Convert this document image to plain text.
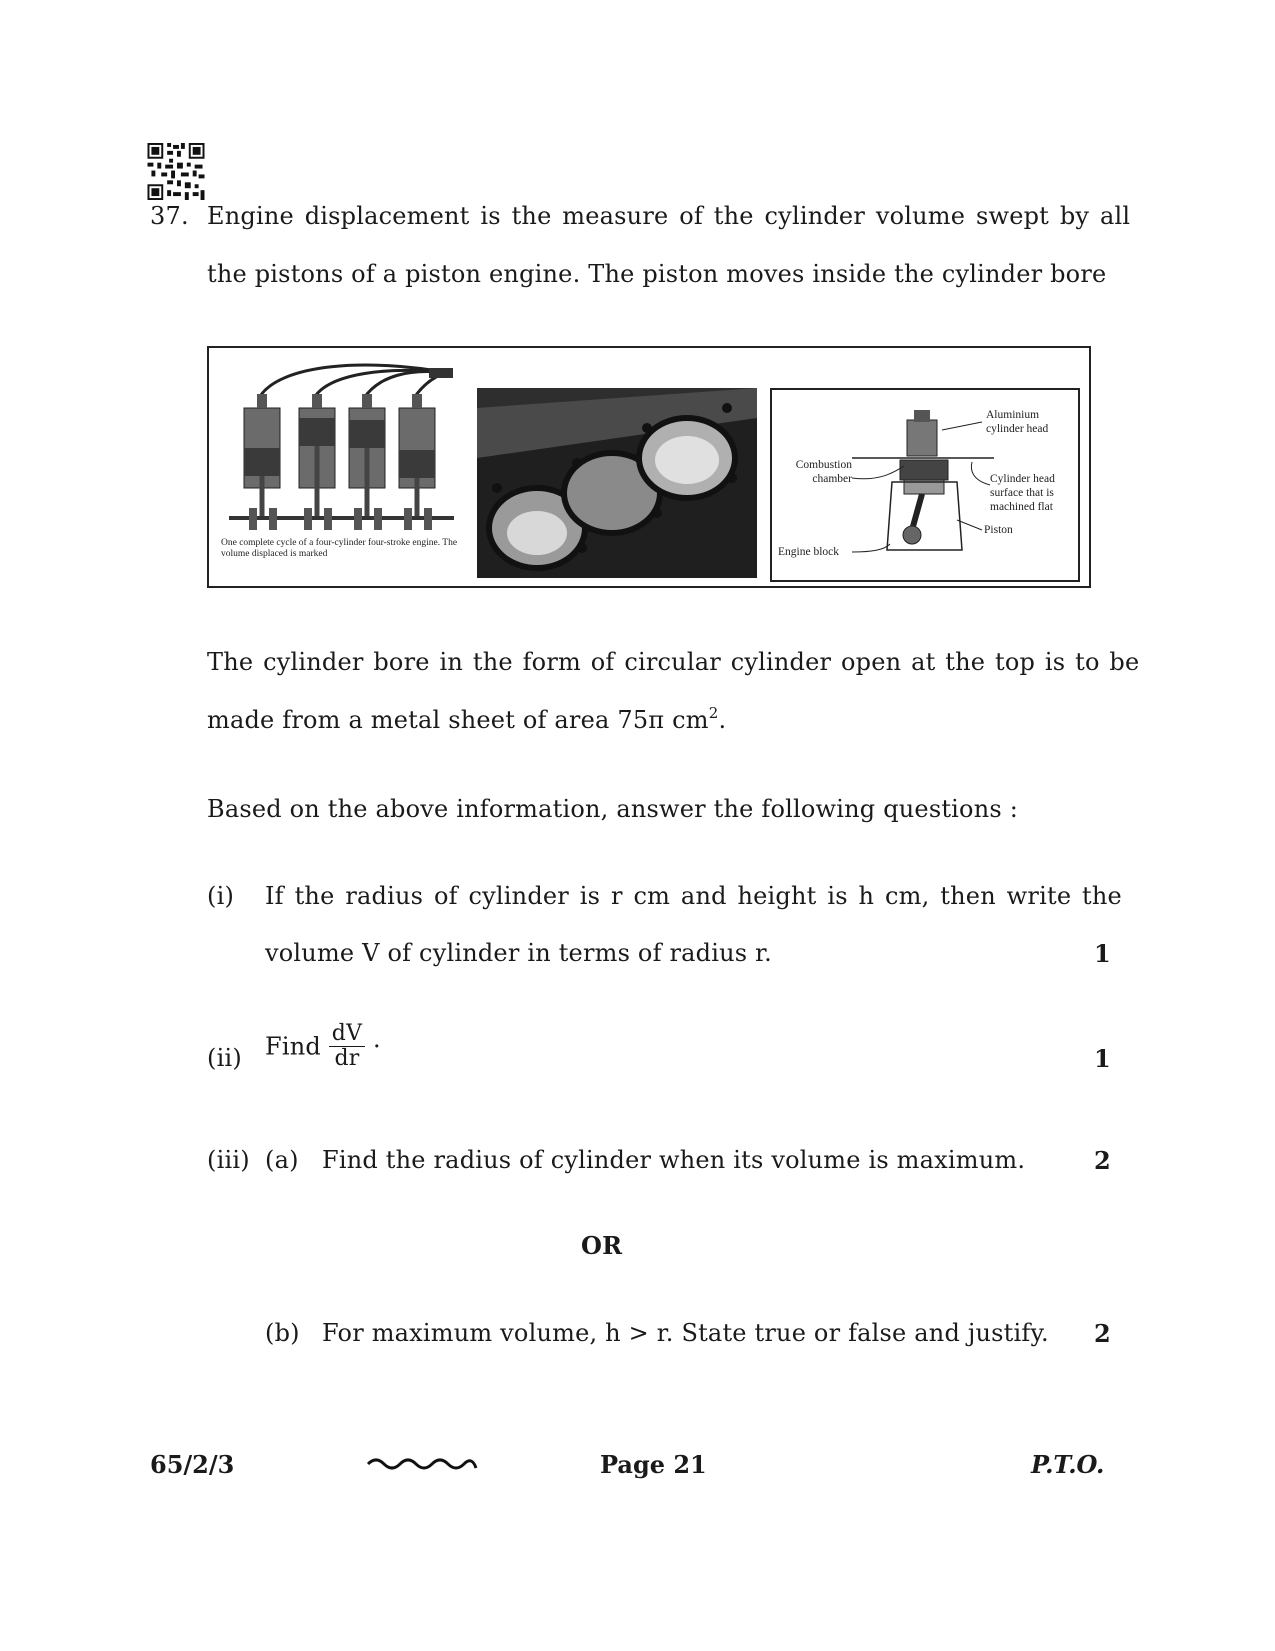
37. Engine displacement is the measure of the cylinder volume swept by all
the pistons of a piston engine. The piston moves inside the cylinder bore
One complete cycle of a four-cylinder four-stroke engine. The volume displaced is marked
Aluminium cylinder head
Combustion chamber	Cylinder head surface that is machined flat
Piston
Engine block
The cylinder bore in the form of circular cylinder open at the top is to be
made from a metal sheet of area 75π $cm^2$.
Based on the above information, answer the following questions :
(i) If the radius of cylinder is r cm and height is h cm, then write the
volume V of cylinder in terms of radius r.	1
(ii) Find $\frac{dV}{dr}$ ·	1
(iii) (a) Find the radius of cylinder when its volume is maximum.	2
OR
(b) For maximum volume, h > r. State true or false and justify. 2
65/2/3	Page 21	P.T.O.
